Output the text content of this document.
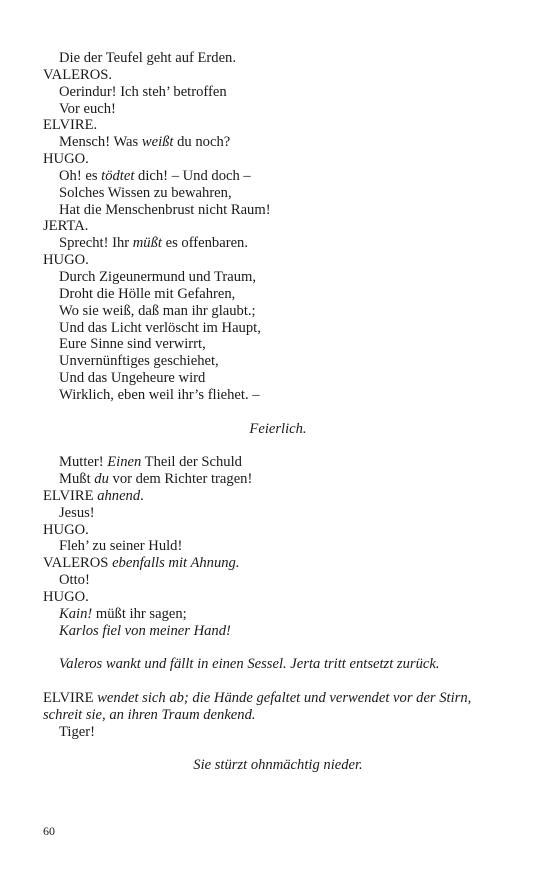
Die der Teufel geht auf Erden.
VALEROS.
Oerindur! Ich steh’ betroffen
Vor euch!
ELVIRE.
Mensch! Was weißt du noch?
HUGO.
Oh! es tödtet dich! – Und doch –
Solches Wissen zu bewahren,
Hat die Menschenbrust nicht Raum!
JERTA.
Sprecht! Ihr müßt es offenbaren.
HUGO.
Durch Zigeunermund und Traum,
Droht die Hölle mit Gefahren,
Wo sie weiß, daß man ihr glaubt.;
Und das Licht verlöscht im Haupt,
Eure Sinne sind verwirrt,
Unvernünftiges geschiehet,
Und das Ungeheure wird
Wirklich, eben weil ihr’s fliehet. –
Feierlich.
Mutter! Einen Theil der Schuld
Mußt du vor dem Richter tragen!
ELVIRE ahnend.
Jesus!
HUGO.
Fleh’ zu seiner Huld!
VALEROS ebenfalls mit Ahnung.
Otto!
HUGO.
Kain! müßt ihr sagen;
Karlos fiel von meiner Hand!
Valeros wankt und fällt in einen Sessel. Jerta tritt entsetzt zurück.
ELVIRE wendet sich ab; die Hände gefaltet und verwendet vor der Stirn,
schreit sie, an ihren Traum denkend.
Tiger!
Sie stürzt ohnmächtig nieder.
60
